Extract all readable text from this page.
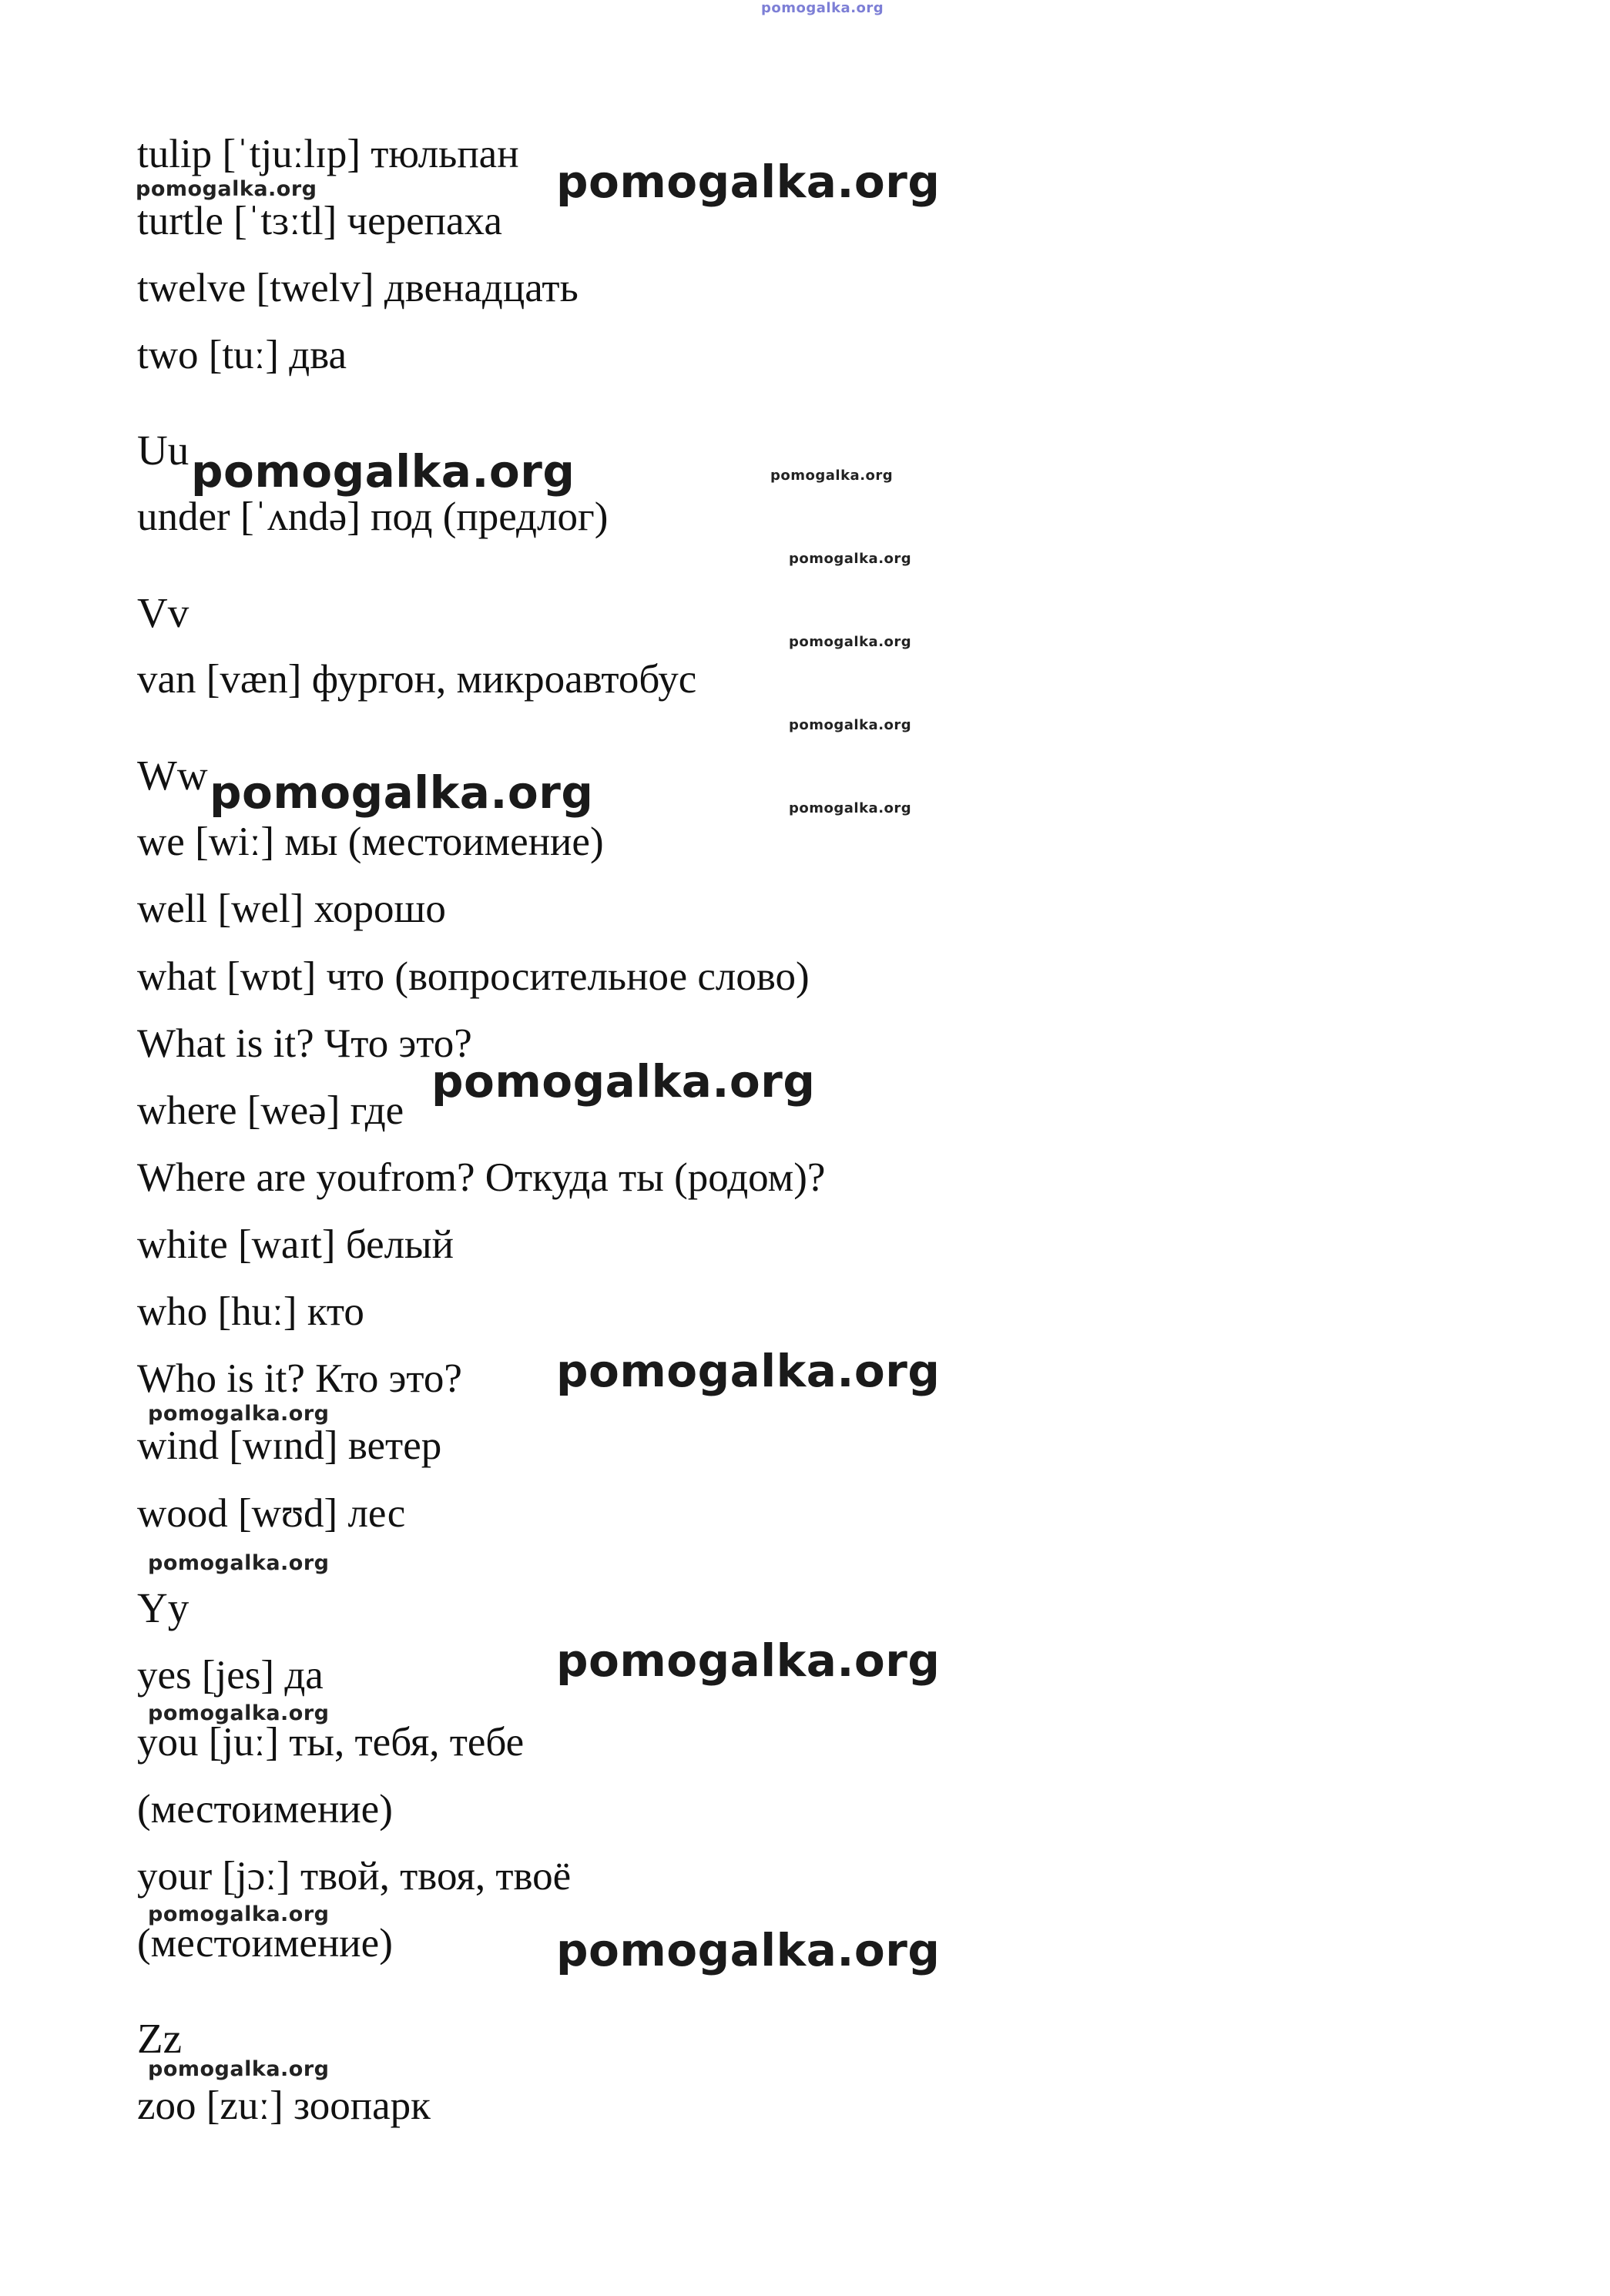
pomogalka.org
tulip [ˈtjuːlɪp] тюльпан
turtle [ˈtɜːtl] черепаха
twelve [twelv] двенадцать
two [tuː] два
Uu
under [ˈʌndə] под (предлог)
Vv
van [væn] фургон, микроавтобус
Ww
we [wiː] мы (местоимение)
well [wel] хорошо
what [wɒt] что (вопросительное слово)
What is it? Что это?
where [weə] где
Where are youfrom? Откуда ты (родом)?
white [waɪt] белый
who [huː] кто
Who is it? Кто это?
wind [wɪnd] ветер
wood [wʊd] лес
Yy
yes [jes] да
you [juː] ты, тебя, тебе
(местоимение)
your [jɔː] твой, твоя, твоё
(местоимение)
Zz
zoo [zuː] зоопарк
pomogalka.org
pomogalka.org
pomogalka.org
pomogalka.org
pomogalka.org
pomogalka.org
pomogalka.org
pomogalka.org
pomogalka.org
pomogalka.org
pomogalka.org
pomogalka.org
pomogalka.org
pomogalka.org
pomogalka.org
pomogalka.org
pomogalka.org
pomogalka.org
